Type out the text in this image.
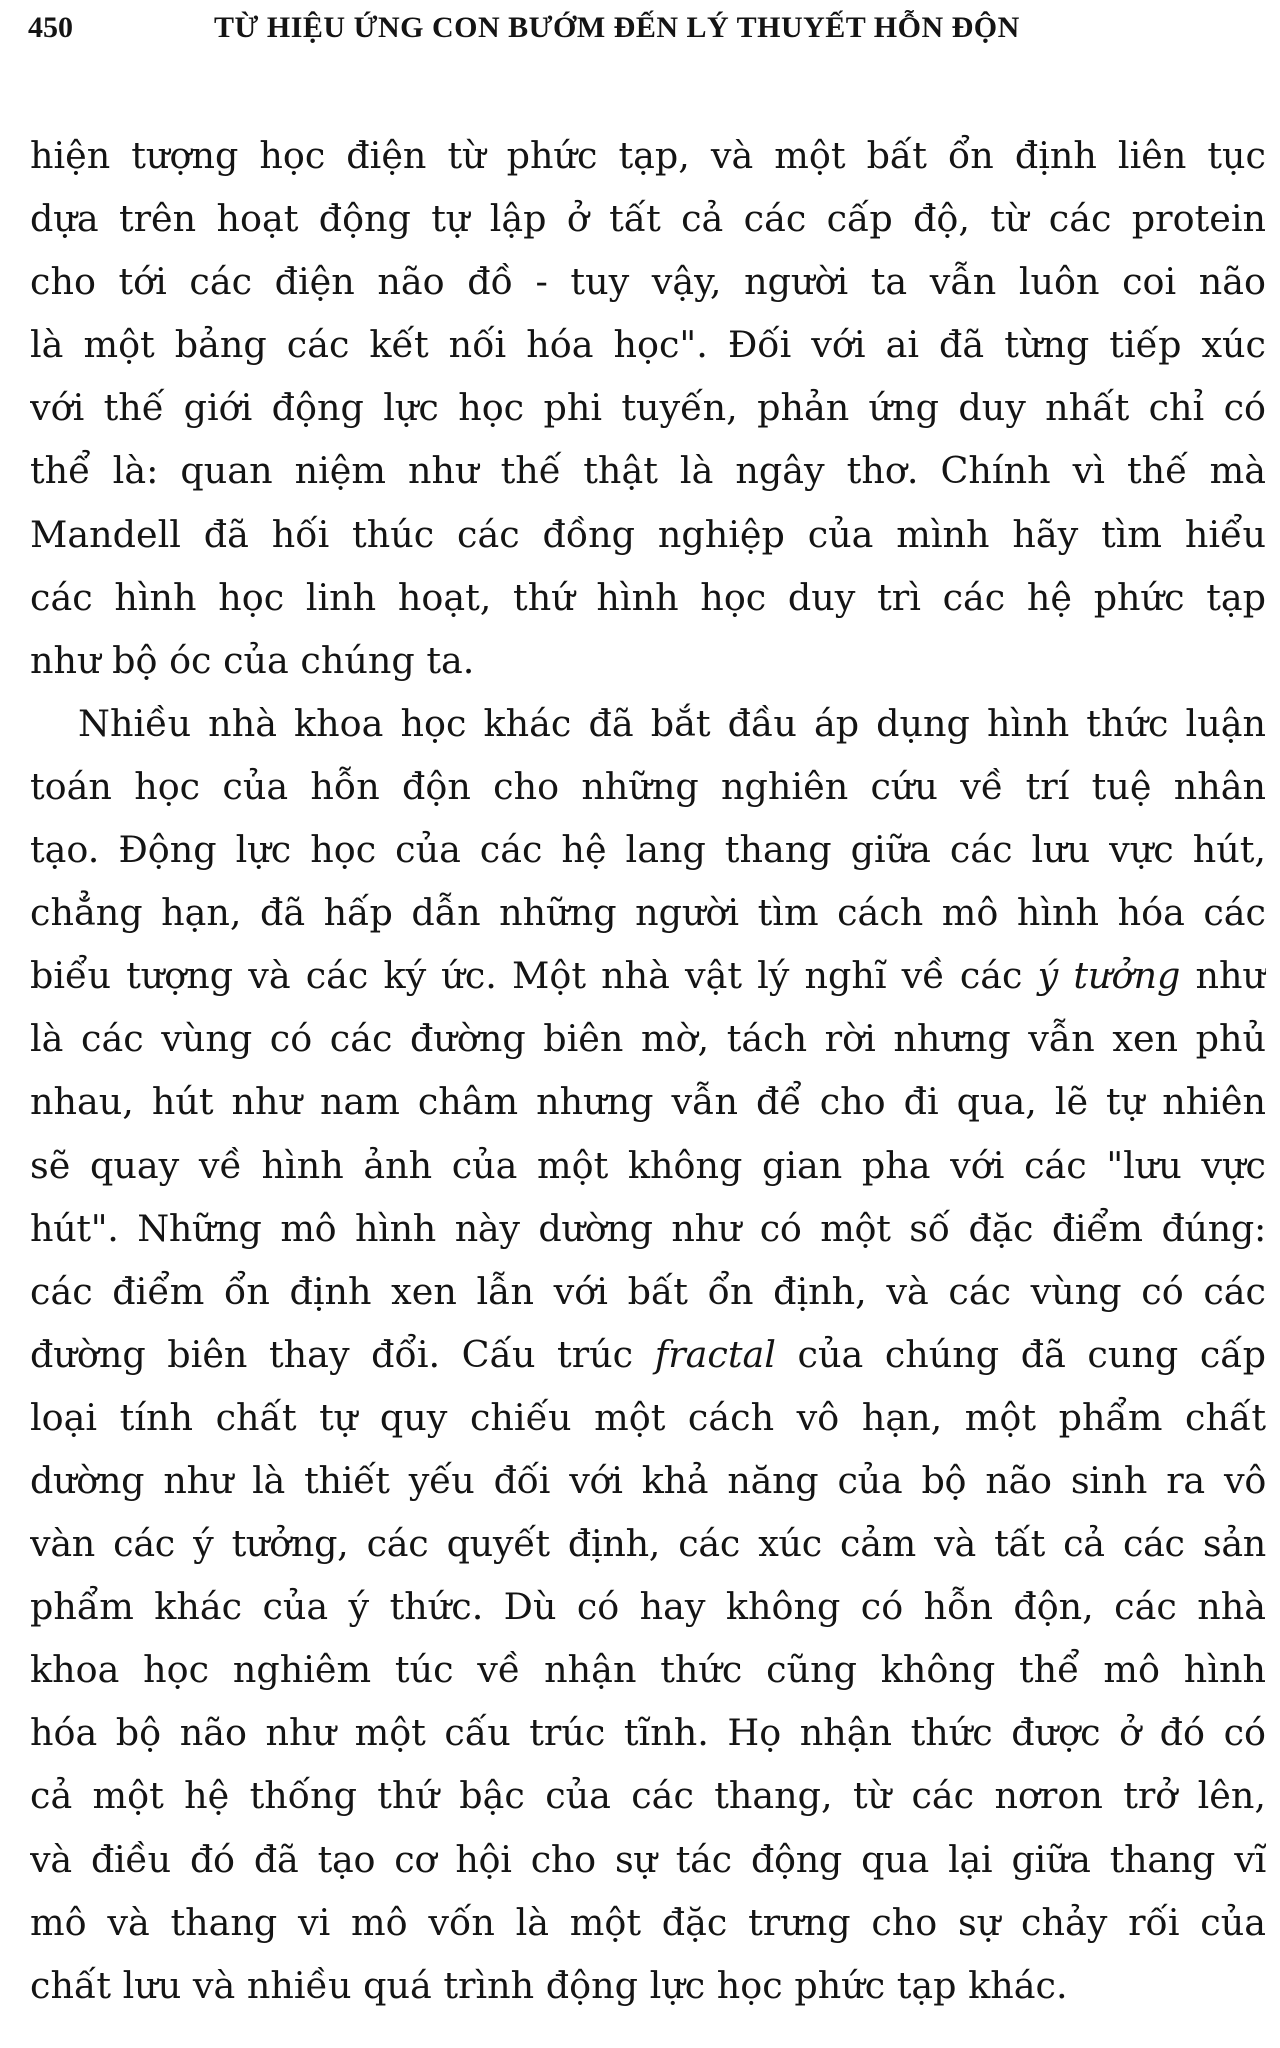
450	TỪ HIỆU ỨNG CON BƯỚM ĐẾN LÝ THUYẾT HỖN ĐỘN
hiện tượng học điện từ phức tạp, và một bất ổn định liên tục
dựa trên hoạt động tự lập ở tất cả các cấp độ, từ các protein
cho tới các điện não đồ - tuy vậy, người ta vẫn luôn coi não
là một bảng các kết nối hóa học". Đối với ai đã từng tiếp xúc
với thế giới động lực học phi tuyến, phản ứng duy nhất chỉ có
thể là: quan niệm như thế thật là ngây thơ. Chính vì thế mà
Mandell đã hối thúc các đồng nghiệp của mình hãy tìm hiểu
các hình học linh hoạt, thứ hình học duy trì các hệ phức tạp
như bộ óc của chúng ta.
Nhiều nhà khoa học khác đã bắt đầu áp dụng hình thức luận
toán học của hỗn độn cho những nghiên cứu về trí tuệ nhân
tạo. Động lực học của các hệ lang thang giữa các lưu vực hút,
chẳng hạn, đã hấp dẫn những người tìm cách mô hình hóa các
biểu tượng và các ký ức. Một nhà vật lý nghĩ về các ý tưởng như
là các vùng có các đường biên mờ, tách rời nhưng vẫn xen phủ
nhau, hút như nam châm nhưng vẫn để cho đi qua, lẽ tự nhiên
sẽ quay về hình ảnh của một không gian pha với các "lưu vực
hút". Những mô hình này dường như có một số đặc điểm đúng:
các điểm ổn định xen lẫn với bất ổn định, và các vùng có các
đường biên thay đổi. Cấu trúc fractal của chúng đã cung cấp
loại tính chất tự quy chiếu một cách vô hạn, một phẩm chất
dường như là thiết yếu đối với khả năng của bộ não sinh ra vô
vàn các ý tưởng, các quyết định, các xúc cảm và tất cả các sản
phẩm khác của ý thức. Dù có hay không có hỗn độn, các nhà
khoa học nghiêm túc về nhận thức cũng không thể mô hình
hóa bộ não như một cấu trúc tĩnh. Họ nhận thức được ở đó có
cả một hệ thống thứ bậc của các thang, từ các nơron trở lên,
và điều đó đã tạo cơ hội cho sự tác động qua lại giữa thang vĩ
mô và thang vi mô vốn là một đặc trưng cho sự chảy rối của
chất lưu và nhiều quá trình động lực học phức tạp khác.
